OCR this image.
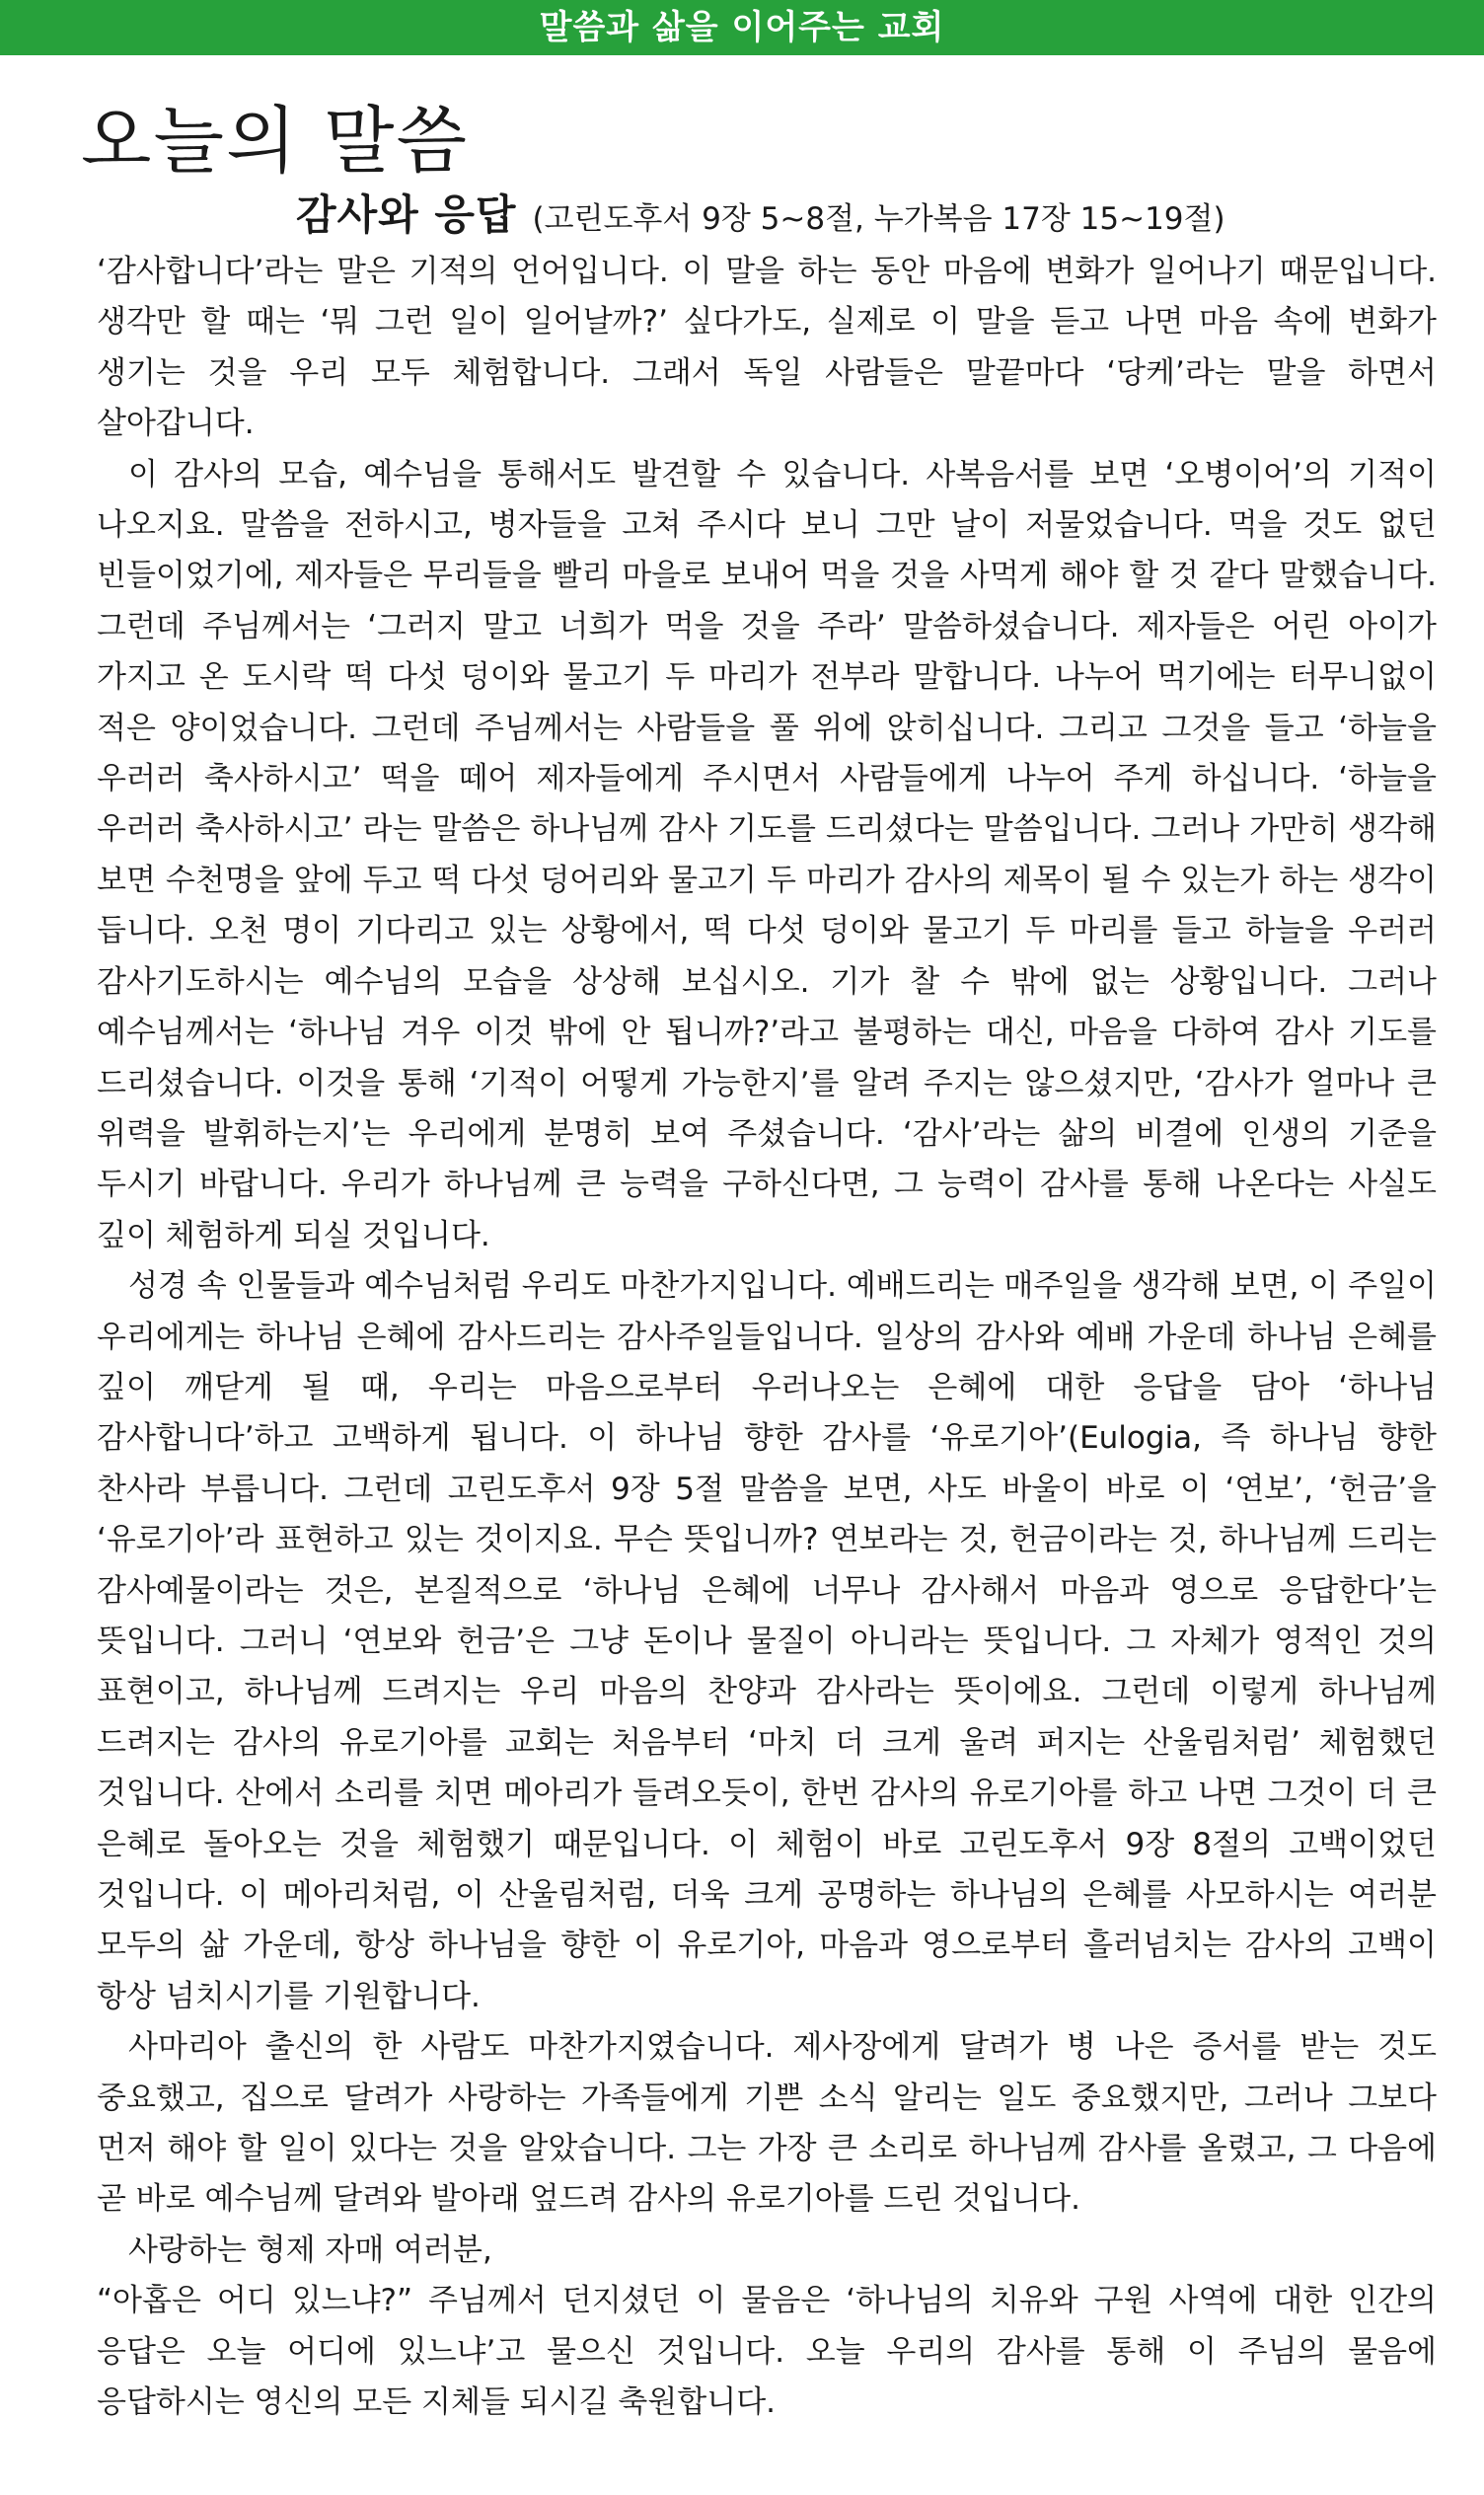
말씀과 삶을 이어주는 교회
오늘의 말씀
감사와 응답 (고린도후서 9장 5~8절, 누가복음 17장 15~19절)

‘감사합니다’라는 말은 기적의 언어입니다. 이 말을 하는 동안 마음에 변화가 일어나기 때문입니다. 생각만 할 때는 ‘뭐 그런 일이 일어날까?’ 싶다가도, 실제로 이 말을 듣고 나면 마음 속에 변화가 생기는 것을 우리 모두 체험합니다. 그래서 독일 사람들은 말끝마다 ‘당케’라는 말을 하면서 살아갑니다.

이 감사의 모습, 예수님을 통해서도 발견할 수 있습니다. 사복음서를 보면 ‘오병이어’의 기적이 나오지요. 말씀을 전하시고, 병자들을 고쳐 주시다 보니 그만 날이 저물었습니다. 먹을 것도 없던 빈들이었기에, 제자들은 무리들을 빨리 마을로 보내어 먹을 것을 사먹게 해야 할 것 같다 말했습니다. 그런데 주님께서는 ‘그러지 말고 너희가 먹을 것을 주라’ 말씀하셨습니다. 제자들은 어린 아이가 가지고 온 도시락 떡 다섯 덩이와 물고기 두 마리가 전부라 말합니다. 나누어 먹기에는 터무니없이 적은 양이었습니다. 그런데 주님께서는 사람들을 풀 위에 앉히십니다. 그리고 그것을 들고 ‘하늘을 우러러 축사하시고’ 떡을 떼어 제자들에게 주시면서 사람들에게 나누어 주게 하십니다. ‘하늘을 우러러 축사하시고’ 라는 말씀은 하나님께 감사 기도를 드리셨다는 말씀입니다. 그러나 가만히 생각해 보면 수천명을 앞에 두고 떡 다섯 덩어리와 물고기 두 마리가 감사의 제목이 될 수 있는가 하는 생각이 듭니다. 오천 명이 기다리고 있는 상황에서, 떡 다섯 덩이와 물고기 두 마리를 들고 하늘을 우러러 감사기도하시는 예수님의 모습을 상상해 보십시오. 기가 찰 수 밖에 없는 상황입니다. 그러나 예수님께서는 ‘하나님 겨우 이것 밖에 안 됩니까?’라고 불평하는 대신, 마음을 다하여 감사 기도를 드리셨습니다. 이것을 통해 ‘기적이 어떻게 가능한지’를 알려 주지는 않으셨지만, ‘감사가 얼마나 큰 위력을 발휘하는지’는 우리에게 분명히 보여 주셨습니다. ‘감사’라는 삶의 비결에 인생의 기준을 두시기 바랍니다. 우리가 하나님께 큰 능력을 구하신다면, 그 능력이 감사를 통해 나온다는 사실도 깊이 체험하게 되실 것입니다.

성경 속 인물들과 예수님처럼 우리도 마찬가지입니다. 예배드리는 매주일을 생각해 보면, 이 주일이 우리에게는 하나님 은혜에 감사드리는 감사주일들입니다. 일상의 감사와 예배 가운데 하나님 은혜를 깊이 깨닫게 될 때, 우리는 마음으로부터 우러나오는 은혜에 대한 응답을 담아 ‘하나님 감사합니다’하고 고백하게 됩니다. 이 하나님 향한 감사를 ‘유로기아’(Eulogia, 즉 하나님 향한 찬사라 부릅니다. 그런데 고린도후서 9장 5절 말씀을 보면, 사도 바울이 바로 이 ‘연보’, ‘헌금’을 ‘유로기아’라 표현하고 있는 것이지요. 무슨 뜻입니까? 연보라는 것, 헌금이라는 것, 하나님께 드리는 감사예물이라는 것은, 본질적으로 ‘하나님 은혜에 너무나 감사해서 마음과 영으로 응답한다’는 뜻입니다. 그러니 ‘연보와 헌금’은 그냥 돈이나 물질이 아니라는 뜻입니다. 그 자체가 영적인 것의 표현이고, 하나님께 드려지는 우리 마음의 찬양과 감사라는 뜻이에요. 그런데 이렇게 하나님께 드려지는 감사의 유로기아를 교회는 처음부터 ‘마치 더 크게 울려 퍼지는 산울림처럼’ 체험했던 것입니다. 산에서 소리를 치면 메아리가 들려오듯이, 한번 감사의 유로기아를 하고 나면 그것이 더 큰 은혜로 돌아오는 것을 체험했기 때문입니다. 이 체험이 바로 고린도후서 9장 8절의 고백이었던 것입니다. 이 메아리처럼, 이 산울림처럼, 더욱 크게 공명하는 하나님의 은혜를 사모하시는 여러분 모두의 삶 가운데, 항상 하나님을 향한 이 유로기아, 마음과 영으로부터 흘러넘치는 감사의 고백이 항상 넘치시기를 기원합니다.

사마리아 출신의 한 사람도 마찬가지였습니다. 제사장에게 달려가 병 나은 증서를 받는 것도 중요했고, 집으로 달려가 사랑하는 가족들에게 기쁜 소식 알리는 일도 중요했지만, 그러나 그보다 먼저 해야 할 일이 있다는 것을 알았습니다. 그는 가장 큰 소리로 하나님께 감사를 올렸고, 그 다음에 곧 바로 예수님께 달려와 발아래 엎드려 감사의 유로기아를 드린 것입니다.

사랑하는 형제 자매 여러분,

“아홉은 어디 있느냐?” 주님께서 던지셨던 이 물음은 ‘하나님의 치유와 구원 사역에 대한 인간의 응답은 오늘 어디에 있느냐’고 물으신 것입니다. 오늘 우리의 감사를 통해 이 주님의 물음에 응답하시는 영신의 모든 지체들 되시길 축원합니다.
